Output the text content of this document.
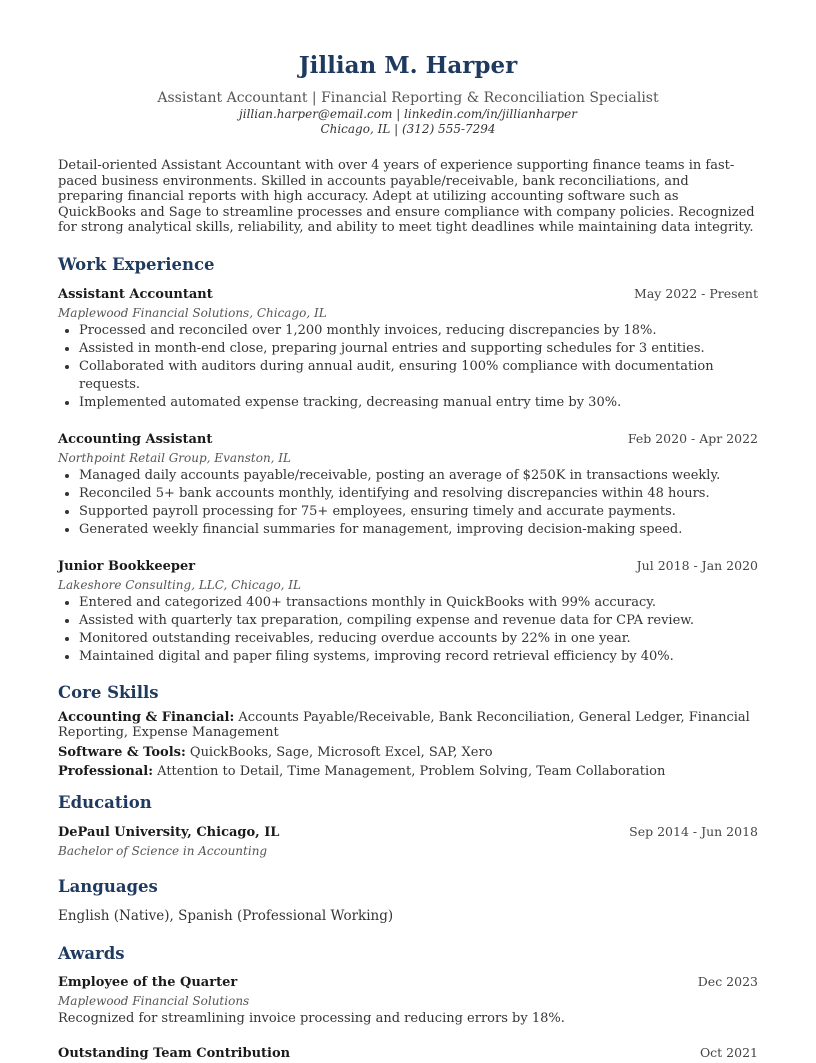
Jillian M. Harper
Assistant Accountant | Financial Reporting & Reconciliation Specialist
jillian.harper@email.com | linkedin.com/in/jillianharper
Chicago, IL | (312) 555-7294

Detail-oriented Assistant Accountant with over 4 years of experience supporting finance teams in fast-paced business environments. Skilled in accounts payable/receivable, bank reconciliations, and preparing financial reports with high accuracy. Adept at utilizing accounting software such as QuickBooks and Sage to streamline processes and ensure compliance with company policies. Recognized for strong analytical skills, reliability, and ability to meet tight deadlines while maintaining data integrity.

Work Experience
Assistant Accountant	May 2022 - Present
Maplewood Financial Solutions, Chicago, IL
• Processed and reconciled over 1,200 monthly invoices, reducing discrepancies by 18%.
• Assisted in month-end close, preparing journal entries and supporting schedules for 3 entities.
• Collaborated with auditors during annual audit, ensuring 100% compliance with documentation requests.
• Implemented automated expense tracking, decreasing manual entry time by 30%.
Accounting Assistant	Feb 2020 - Apr 2022
Northpoint Retail Group, Evanston, IL
• Managed daily accounts payable/receivable, posting an average of $250K in transactions weekly.
• Reconciled 5+ bank accounts monthly, identifying and resolving discrepancies within 48 hours.
• Supported payroll processing for 75+ employees, ensuring timely and accurate payments.
• Generated weekly financial summaries for management, improving decision-making speed.
Junior Bookkeeper	Jul 2018 - Jan 2020
Lakeshore Consulting, LLC, Chicago, IL
• Entered and categorized 400+ transactions monthly in QuickBooks with 99% accuracy.
• Assisted with quarterly tax preparation, compiling expense and revenue data for CPA review.
• Monitored outstanding receivables, reducing overdue accounts by 22% in one year.
• Maintained digital and paper filing systems, improving record retrieval efficiency by 40%.
Core Skills
Accounting & Financial: Accounts Payable/Receivable, Bank Reconciliation, General Ledger, Financial Reporting, Expense Management
Software & Tools: QuickBooks, Sage, Microsoft Excel, SAP, Xero
Professional: Attention to Detail, Time Management, Problem Solving, Team Collaboration
Education
DePaul University, Chicago, IL	Sep 2014 - Jun 2018
Bachelor of Science in Accounting
Languages
English (Native), Spanish (Professional Working)
Awards
Employee of the Quarter	Dec 2023
Maplewood Financial Solutions
Recognized for streamlining invoice processing and reducing errors by 18%.
Outstanding Team Contribution	Oct 2021
